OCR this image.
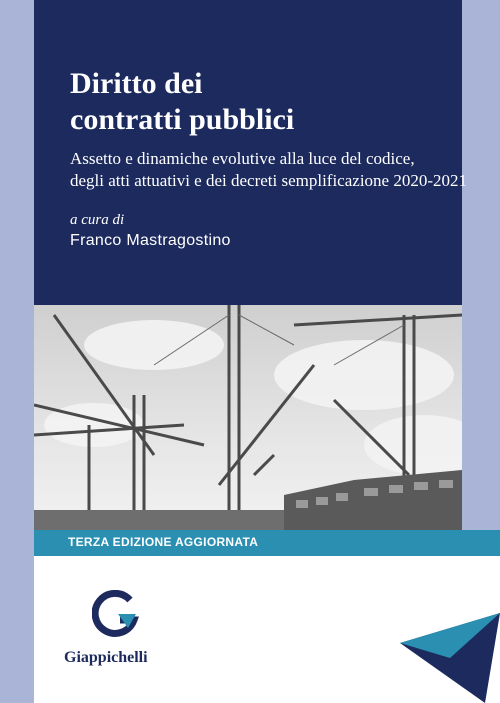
Diritto dei
contratti pubblici

Assetto e dinamiche evolutive alla luce del codice,
degli atti attuativi e dei decreti semplificazione 2020-2021

a cura di
Franco Mastragostino
TERZA EDIZIONE AGGIORNATA
Giappichelli
